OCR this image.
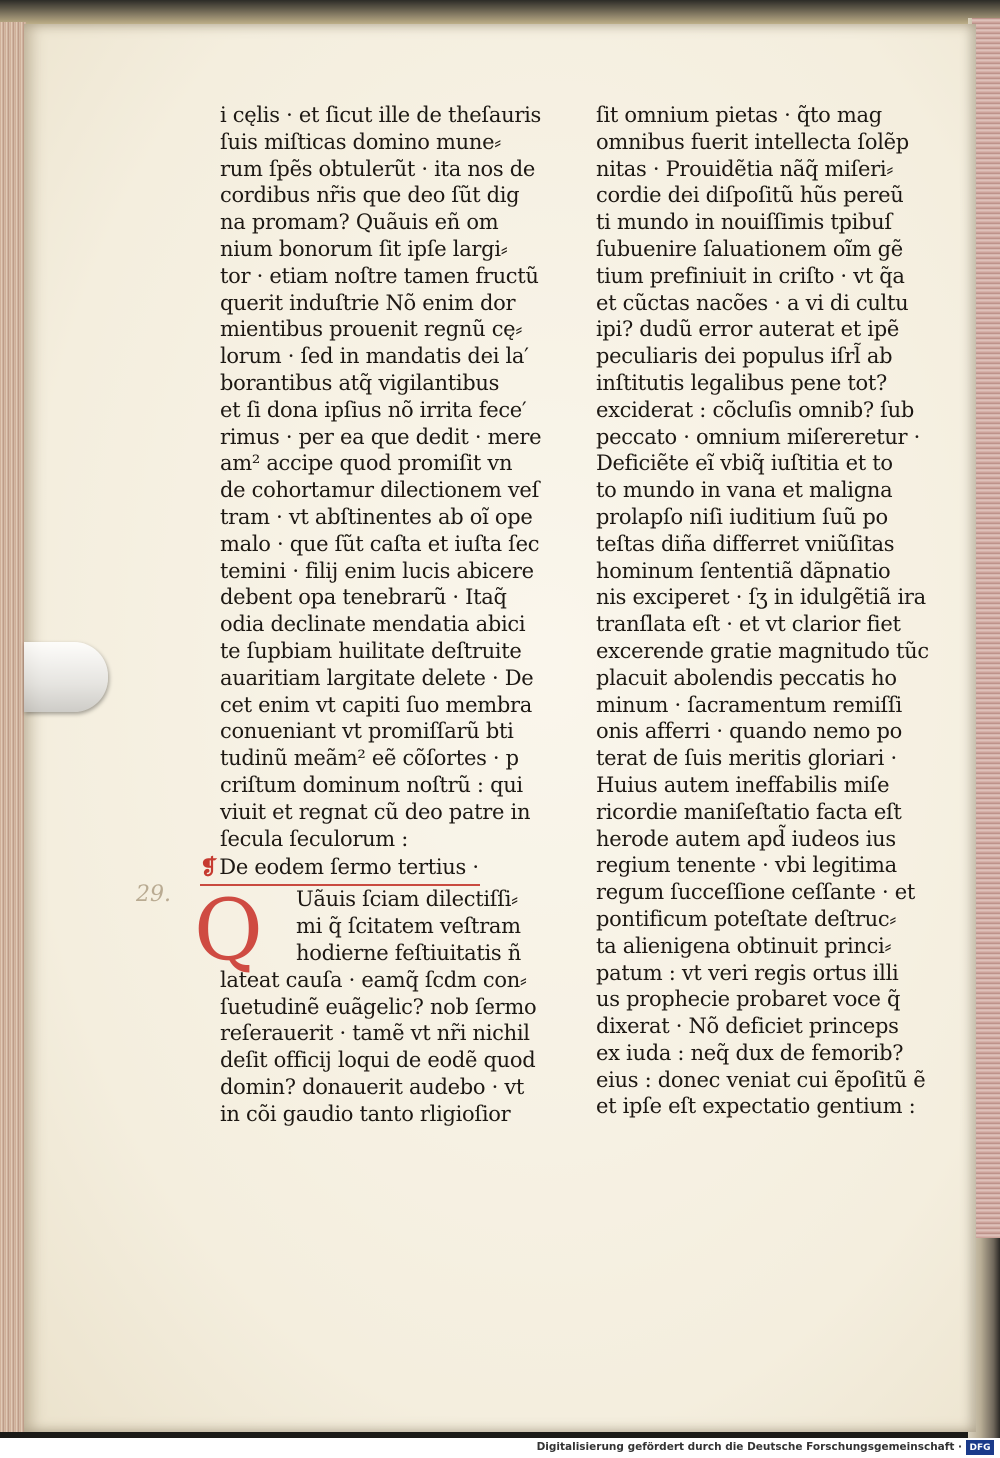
29.
i cęlis · et ſicut ille de theſauris
ſuis miſticas domino mune⸗
rum ſpẽs obtulerũt · ita nos de
cordibus nr̃is que deo ſũt dig
na promam? Quãuis eñ om
nium bonorum ſit ipſe largi⸗
tor · etiam noſtre tamen fructũ
querit induſtrie Nõ enim dor
mientibus prouenit regnũ cę⸗
lorum · ſed in mandatis dei la′
borantibus atq̃ vigilantibus
et ſi dona ipſius nõ irrita fece′
rimus · per ea que dedit · mere
am² accipe quod promiſit vn
de cohortamur dilectionem veſ
tram · vt abſtinentes ab oĩ ope
malo · que ſũt caſta et iuſta ſec
temini · filij enim lucis abicere
debent opa tenebrarũ · Itaq̃
odia declinate mendatia abici
te ſupbiam huilitate deſtruite
auaritiam largitate delete · De
cet enim vt capiti ſuo membra
conueniant vt promiſſarũ bti
tudinũ meãm² eẽ cõſortes · p
criſtum dominum noſtrũ : qui
viuit et regnat cũ deo patre in
ſecula ſeculorum :
❡De eodem ſermo tertius ·
Q	Uãuis ſciam dilectiſſi⸗
mi q̃ ſcitatem veſtram
hodierne feſtiuitatis ñ
lateat cauſa · eamq̃ ſcdm con⸗
ſuetudinẽ euãgelic? nob ſermo
reſerauerit · tamẽ vt nr̃i nichil
deſit officij loqui de eodẽ quod
domin? donauerit audebo · vt
in cõi gaudio tanto rligioſior
ſit omnium pietas · q̃to mag
omnibus fuerit intellecta ſolẽp
nitas · Prouidẽtia nãq̃ miſeri⸗
cordie dei diſpoſitũ hũs pereũ
ti mundo in nouiſſimis tpibuſ
ſubuenire ſaluationem oĩm gẽ
tium prefiniuit in criſto · vt q̃a
et cũctas nacões · a vi di cultu
ipi? dudũ error auterat et ipẽ
peculiaris dei populus iſrl̃ ab
inſtitutis legalibus pene tot?
exciderat : cõcluſis omnib? ſub
peccato · omnium miſereretur ·
Deficiẽte eĩ vbiq̃ iuſtitia et to
to mundo in vana et maligna
prolapſo niſi iuditium ſuũ po
teſtas diña differret vniũſitas
hominum ſententiã dãpnatio
nis exciperet · ſʒ in idulgẽtiã ira
tranſlata eſt · et vt clarior fiet
excerende gratie magnitudo tũc
placuit abolendis peccatis ho
minum · ſacramentum remiſſi
onis afferri · quando nemo po
terat de ſuis meritis gloriari ·
Huius autem ineffabilis miſe
ricordie maniſeſtatio facta eſt
herode autem apd̃ iudeos ius
regium tenente · vbi legitima
regum ſucceſſione ceſſante · et
pontificum poteſtate deſtruc⸗
ta alienigena obtinuit princi⸗
patum : vt veri regis ortus illi
us prophecie probaret voce q̃
dixerat · Nõ deficiet princeps
ex iuda : neq̃ dux de femorib?
eius : donec veniat cui ẽpoſitũ ẽ
et ipſe eſt expectatio gentium :
Digitalisierung gefördert durch die Deutsche Forschungsgemeinschaft · DFG
